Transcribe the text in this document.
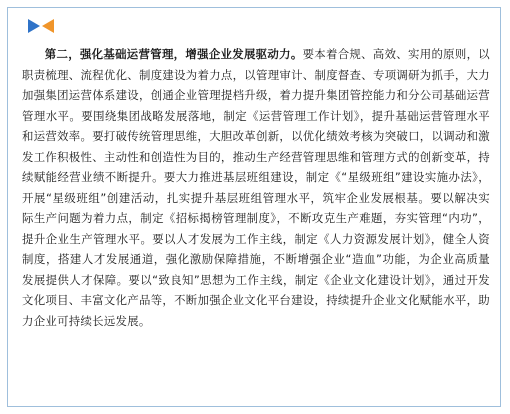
第二，强化基础运营管理，增强企业发展驱动力。要本着合规、高效、实用的原则，以职责梳理、流程优化、制度建设为着力点，以管理审计、制度督查、专项调研为抓手，大力加强集团运营体系建设，创通企业管理提档升级，着力提升集团管控能力和分公司基础运营管理水平。要围绕集团战略发展落地，制定《运营管理工作计划》，提升基础运营管理水平和运营效率。要打破传统管理思维，大胆改革创新，以优化绩效考核为突破口，以调动和激发工作积极性、主动性和创造性为目的，推动生产经营管理思维和管理方式的创新变革，持续赋能经营业绩不断提升。要大力推进基层班组建设，制定《“星级班组”建设实施办法》，开展“星级班组”创建活动，扎实提升基层班组管理水平，筑牢企业发展根基。要以解决实际生产问题为着力点，制定《招标揭榜管理制度》，不断攻克生产难题，夯实管理“内功”，提升企业生产管理水平。要以人才发展为工作主线，制定《人力资源发展计划》，健全人资制度，搭建人才发展通道，强化激励保障措施，不断增强企业“造血”功能，为企业高质量发展提供人才保障。要以“致良知”思想为工作主线，制定《企业文化建设计划》，通过开发文化项目、丰富文化产品等，不断加强企业文化平台建设，持续提升企业文化赋能水平，助力企业可持续长远发展。
